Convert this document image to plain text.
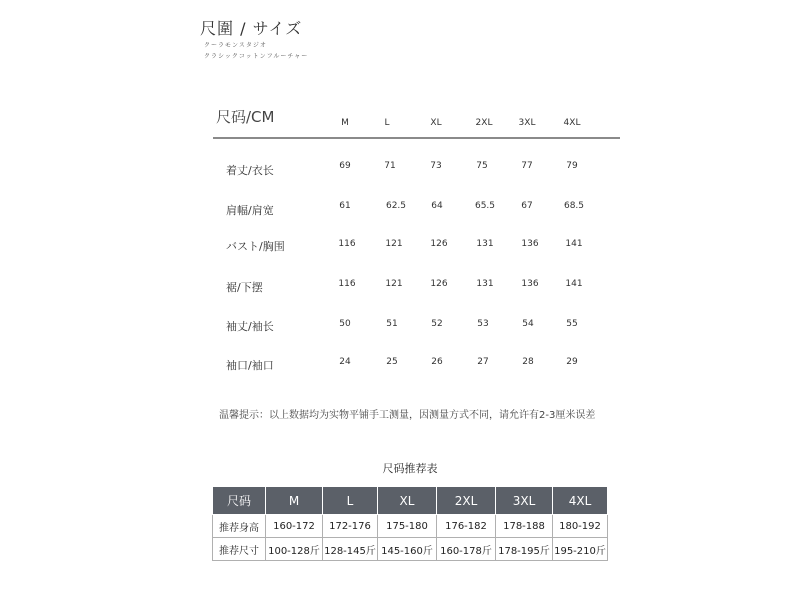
尺圍 / サイズ
クーラモンスタジオ
クラシックコットンフルーチャー
尺码/CM	M	L	XL	2XL	3XL	4XL
着丈/衣长	69	71	73	75	77	79
肩幅/肩宽	61	62.5	64	65.5	67	68.5
バスト/胸围	116	121	126	131	136	141
裾/下摆	116	121	126	131	136	141
袖丈/袖长	50	51	52	53	54	55
袖口/袖口	24	25	26	27	28	29
温馨提示：以上数据均为实物平铺手工测量，因测量方式不同，请允许有2-3厘米误差
尺码推荐表
尺码	M	L	XL	2XL	3XL	4XL
推荐身高	160-172	172-176	175-180	176-182	178-188	180-192
推荐尺寸	100-128斤	128-145斤	145-160斤	160-178斤	178-195斤	195-210斤
